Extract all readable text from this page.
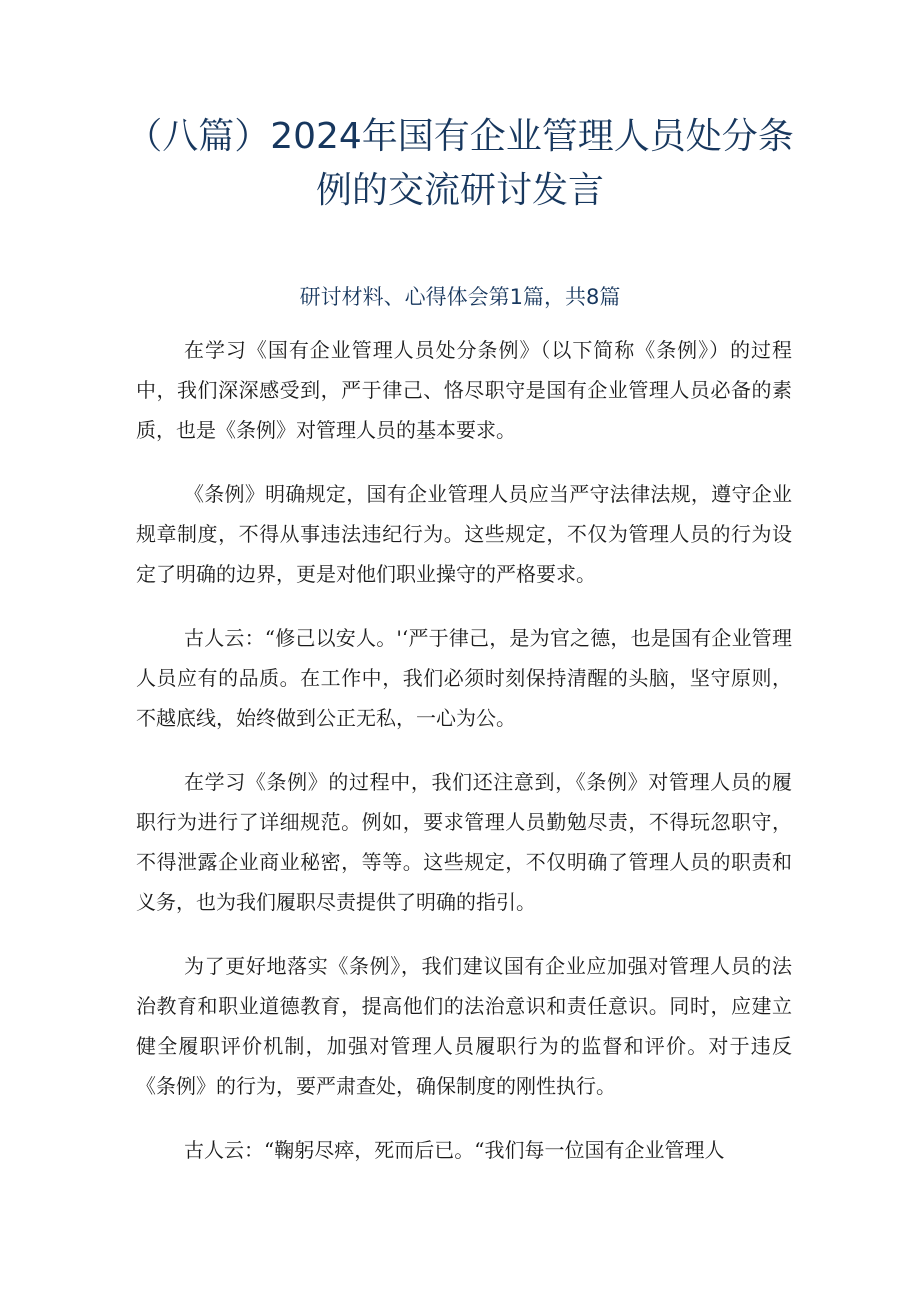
（八篇）2024年国有企业管理人员处分条例的交流研讨发言
研讨材料、心得体会第1篇，共8篇

在学习《国有企业管理人员处分条例》（以下简称《条例》）的过程中，我们深深感受到，严于律己、恪尽职守是国有企业管理人员必备的素质，也是《条例》对管理人员的基本要求。

《条例》明确规定，国有企业管理人员应当严守法律法规，遵守企业规章制度，不得从事违法违纪行为。这些规定，不仅为管理人员的行为设定了明确的边界，更是对他们职业操守的严格要求。

古人云：“修己以安人。'‘严于律己，是为官之德，也是国有企业管理人员应有的品质。在工作中，我们必须时刻保持清醒的头脑，坚守原则，不越底线，始终做到公正无私，一心为公。

在学习《条例》的过程中，我们还注意到，《条例》对管理人员的履职行为进行了详细规范。例如，要求管理人员勤勉尽责，不得玩忽职守，不得泄露企业商业秘密，等等。这些规定，不仅明确了管理人员的职责和义务，也为我们履职尽责提供了明确的指引。

为了更好地落实《条例》，我们建议国有企业应加强对管理人员的法治教育和职业道德教育，提高他们的法治意识和责任意识。同时，应建立健全履职评价机制，加强对管理人员履职行为的监督和评价。对于违反《条例》的行为，要严肃查处，确保制度的刚性执行。

古人云：“鞠躬尽瘁，死而后已。“我们每一位国有企业管理人
